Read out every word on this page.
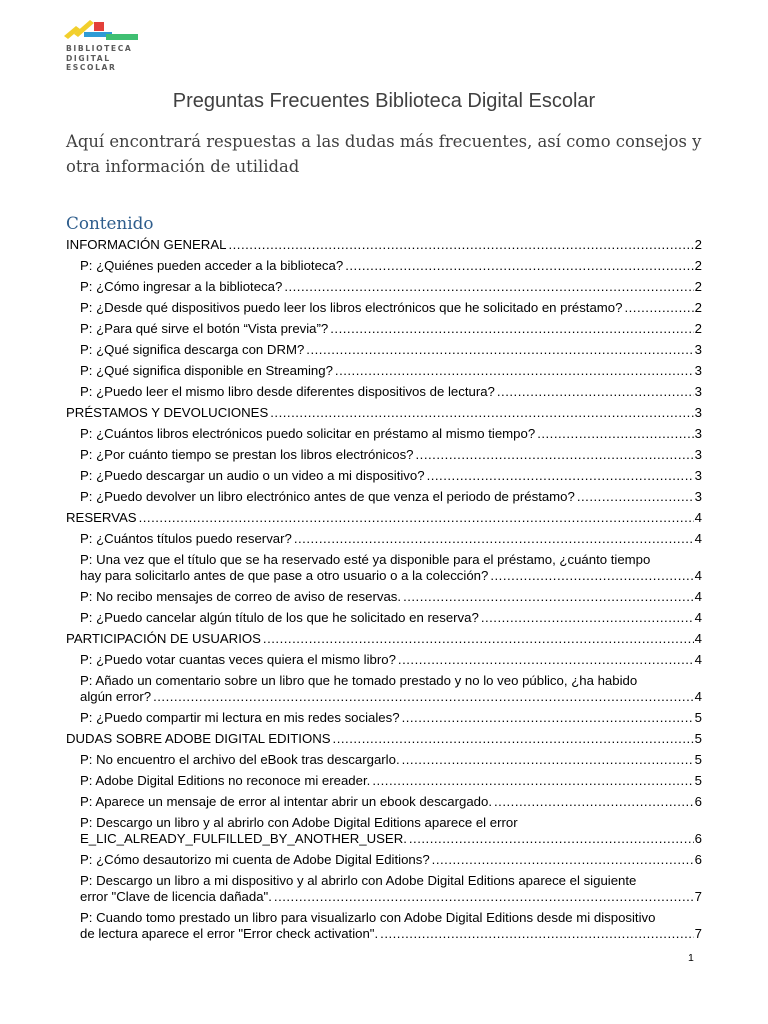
BIBLIOTECA
DIGITAL
ESCOLAR
Preguntas Frecuentes Biblioteca Digital Escolar
Aquí encontrará respuestas a las dudas más frecuentes, así como consejos y otra información de utilidad
Contenido
INFORMACIÓN GENERAL .....	2
P: ¿Quiénes pueden acceder a la biblioteca? .....	2
P: ¿Cómo ingresar a la biblioteca? .....	2
P: ¿Desde qué dispositivos puedo leer los libros electrónicos que he solicitado en préstamo? .....	2
P: ¿Para qué sirve el botón “Vista previa”? .....	2
P: ¿Qué significa descarga con DRM? .....	3
P: ¿Qué significa disponible en Streaming? .....	3
P: ¿Puedo leer el mismo libro desde diferentes dispositivos de lectura? .....	3
PRÉSTAMOS Y DEVOLUCIONES .....	3
P: ¿Cuántos libros electrónicos puedo solicitar en préstamo al mismo tiempo? .....	3
P: ¿Por cuánto tiempo se prestan los libros electrónicos? .....	3
P: ¿Puedo descargar un audio o un video a mi dispositivo? .....	3
P: ¿Puedo devolver un libro electrónico antes de que venza el periodo de préstamo? .....	3
RESERVAS .....	4
P: ¿Cuántos títulos puedo reservar? .....	4
P: Una vez que el título que se ha reservado esté ya disponible para el préstamo, ¿cuánto tiempo
hay para solicitarlo antes de que pase a otro usuario o a la colección? .....	4
P: No recibo mensajes de correo de aviso de reservas. .....	4
P: ¿Puedo cancelar algún título de los que he solicitado en reserva? .....	4
PARTICIPACIÓN DE USUARIOS .....	4
P: ¿Puedo votar cuantas veces quiera el mismo libro? .....	4
P: Añado un comentario sobre un libro que he tomado prestado y no lo veo público, ¿ha habido
algún error? .....	4
P: ¿Puedo compartir mi lectura en mis redes sociales? .....	5
DUDAS SOBRE ADOBE DIGITAL EDITIONS .....	5
P: No encuentro el archivo del eBook tras descargarlo. .....	5
P: Adobe Digital Editions no reconoce mi ereader. .....	5
P: Aparece un mensaje de error al intentar abrir un ebook descargado. .....	6
P: Descargo un libro y al abrirlo con Adobe Digital Editions aparece el error
E_LIC_ALREADY_FULFILLED_BY_ANOTHER_USER. .....	6
P: ¿Cómo desautorizo mi cuenta de Adobe Digital Editions? .....	6
P: Descargo un libro a mi dispositivo y al abrirlo con Adobe Digital Editions aparece el siguiente
error "Clave de licencia dañada". .....	7
P: Cuando tomo prestado un libro para visualizarlo con Adobe Digital Editions desde mi dispositivo
de lectura aparece el error "Error check activation". .....	7
1
